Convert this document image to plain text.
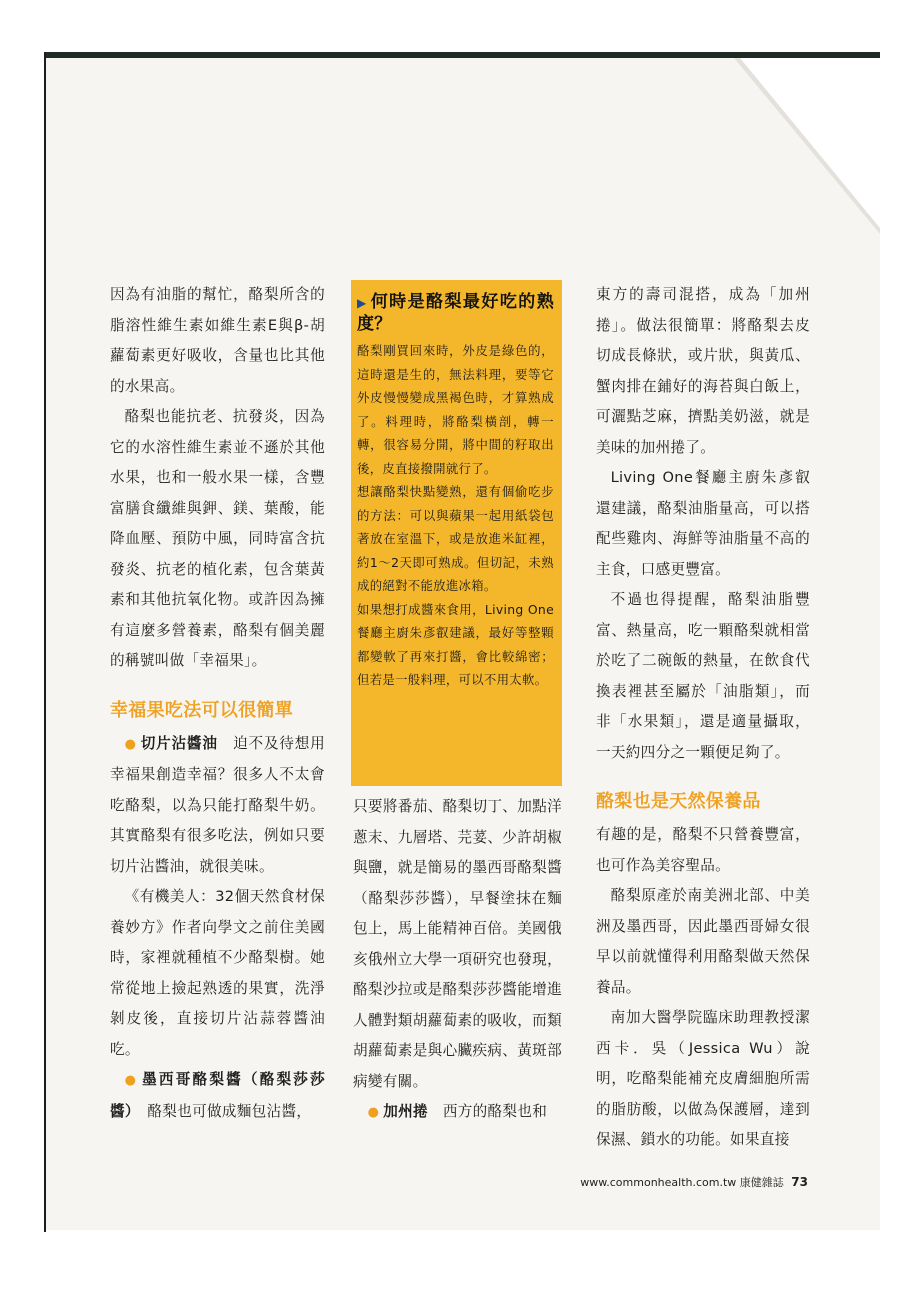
因為有油脂的幫忙，酪梨所含的脂溶性維生素如維生素E與β-胡蘿蔔素更好吸收，含量也比其他的水果高。

酪梨也能抗老、抗發炎，因為它的水溶性維生素並不遜於其他水果，也和一般水果一樣，含豐富膳食纖維與鉀、鎂、葉酸，能降血壓、預防中風，同時富含抗發炎、抗老的植化素，包含葉黃素和其他抗氧化物。或許因為擁有這麼多營養素，酪梨有個美麗的稱號叫做「幸福果」。

幸福果吃法可以很簡單

● 切片沾醬油　 迫不及待想用幸福果創造幸福？很多人不太會吃酪梨，以為只能打酪梨牛奶。其實酪梨有很多吃法，例如只要切片沾醬油，就很美味。

《有機美人：32個天然食材保養妙方》作者向學文之前住美國時，家裡就種植不少酪梨樹。她常從地上撿起熟透的果實，洗淨剝皮後，直接切片沾蒜蓉醬油吃。

● 墨西哥酪梨醬（酪梨莎莎醬）　 酪梨也可做成麵包沾醬，

▶ 何時是酪梨最好吃的熟度？

酪梨剛買回來時，外皮是綠色的，這時還是生的，無法料理，要等它外皮慢慢變成黑褐色時，才算熟成了。料理時，將酪梨橫剖，轉一轉，很容易分開，將中間的籽取出後，皮直接撥開就行了。

想讓酪梨快點變熟，還有個偷吃步的方法：可以與蘋果一起用紙袋包著放在室溫下，或是放進米缸裡，約1～2天即可熟成。但切記，未熟成的絕對不能放進冰箱。

如果想打成醬來食用，Living One餐廳主廚朱彥叡建議，最好等整顆都變軟了再來打醬，會比較綿密；但若是一般料理，可以不用太軟。

只要將番茄、酪梨切丁、加點洋蔥末、九層塔、芫荽、少許胡椒與鹽，就是簡易的墨西哥酪梨醬（酪梨莎莎醬），早餐塗抹在麵包上，馬上能精神百倍。美國俄亥俄州立大學一項研究也發現，酪梨沙拉或是酪梨莎莎醬能增進人體對類胡蘿蔔素的吸收，而類胡蘿蔔素是與心臟疾病、黃斑部病變有關。

● 加州捲　 西方的酪梨也和

東方的壽司混搭，成為「加州捲」。做法很簡單：將酪梨去皮切成長條狀，或片狀，與黃瓜、蟹肉排在鋪好的海苔與白飯上，可灑點芝麻，擠點美奶滋，就是美味的加州捲了。

Living One餐廳主廚朱彥叡還建議，酪梨油脂量高，可以搭配些雞肉、海鮮等油脂量不高的主食，口感更豐富。

不過也得提醒，酪梨油脂豐富、熱量高，吃一顆酪梨就相當於吃了二碗飯的熱量，在飲食代換表裡甚至屬於「油脂類」，而非「水果類」，還是適量攝取，一天約四分之一顆便足夠了。

酪梨也是天然保養品

有趣的是，酪梨不只營養豐富，也可作為美容聖品。

酪梨原產於南美洲北部、中美洲及墨西哥，因此墨西哥婦女很早以前就懂得利用酪梨做天然保養品。

南加大醫學院臨床助理教授潔西卡．吳（Jessica Wu）說明，吃酪梨能補充皮膚細胞所需的脂肪酸，以做為保護層，達到保濕、鎖水的功能。如果直接

www.commonhealth.com.tw 康健雜誌 73
